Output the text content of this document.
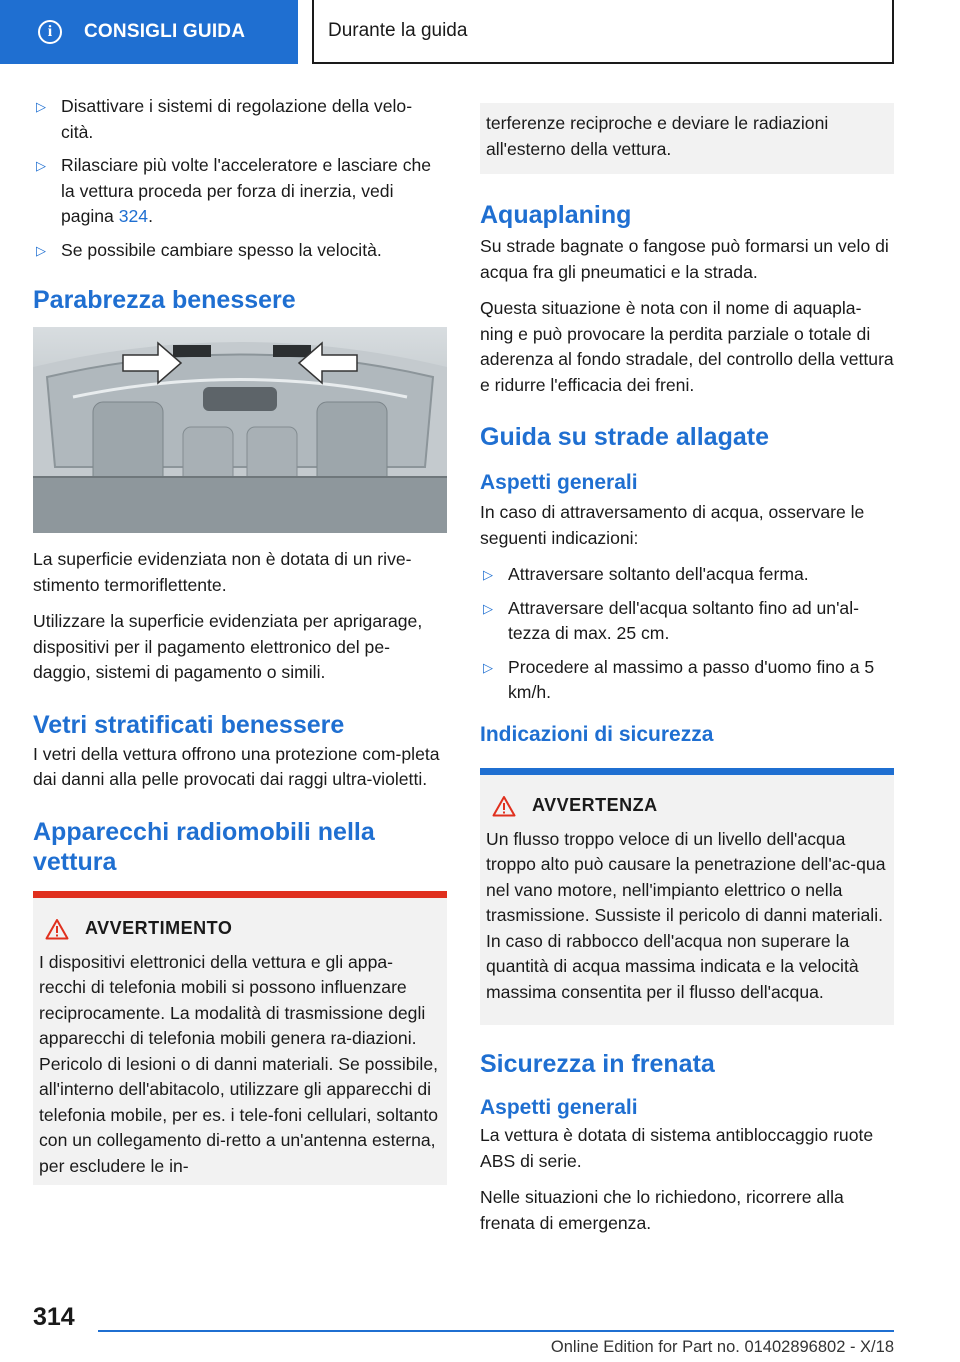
i	CONSIGLI GUIDA	Durante la guida
▷ Disattivare i sistemi di regolazione della velo- cità.
▷ Rilasciare più volte l'acceleratore e lasciare che la vettura proceda per forza di inerzia, vedi pagina 324.
▷ Se possibile cambiare spesso la velocità.
Parabrezza benessere

La superficie evidenziata non è dotata di un rive-stimento termoriflettente.

Utilizzare la superficie evidenziata per aprigarage, dispositivi per il pagamento elettronico del pe-daggio, sistemi di pagamento o simili.

Vetri stratificati benessere

I vetri della vettura offrono una protezione com-pleta dai danni alla pelle provocati dai raggi ultra-violetti.

Apparecchi radiomobili nella vettura
AVVERTIMENTO

I dispositivi elettronici della vettura e gli appa-recchi di telefonia mobili si possono influenzare reciprocamente. La modalità di trasmissione degli apparecchi di telefonia mobili genera ra-diazioni. Pericolo di lesioni o di danni materiali. Se possibile, all'interno dell'abitacolo, utilizzare gli apparecchi di telefonia mobile, per es. i tele-foni cellulari, soltanto con un collegamento di-retto a un'antenna esterna, per escludere le in-

terferenze reciproche e deviare le radiazioni all'esterno della vettura.

Aquaplaning

Su strade bagnate o fangose può formarsi un velo di acqua fra gli pneumatici e la strada.

Questa situazione è nota con il nome di aquapla-ning e può provocare la perdita parziale o totale di aderenza al fondo stradale, del controllo della vettura e ridurre l'efficacia dei freni.

Guida su strade allagate
Aspetti generali

In caso di attraversamento di acqua, osservare le seguenti indicazioni:

▷ Attraversare soltanto dell'acqua ferma.
▷ Attraversare dell'acqua soltanto fino ad un'al-tezza di max. 25 cm.
▷ Procedere al massimo a passo d'uomo fino a 5 km/h.
Indicazioni di sicurezza
AVVERTENZA

Un flusso troppo veloce di un livello dell'acqua troppo alto può causare la penetrazione dell'ac-qua nel vano motore, nell'impianto elettrico o nella trasmissione. Sussiste il pericolo di danni materiali. In caso di rabbocco dell'acqua non superare la quantità di acqua massima indicata e la velocità massima consentita per il flusso dell'acqua.

Sicurezza in frenata
Aspetti generali

La vettura è dotata di sistema antibloccaggio ruote ABS di serie.

Nelle situazioni che lo richiedono, ricorrere alla frenata di emergenza.

314
Online Edition for Part no. 01402896802 - X/18
